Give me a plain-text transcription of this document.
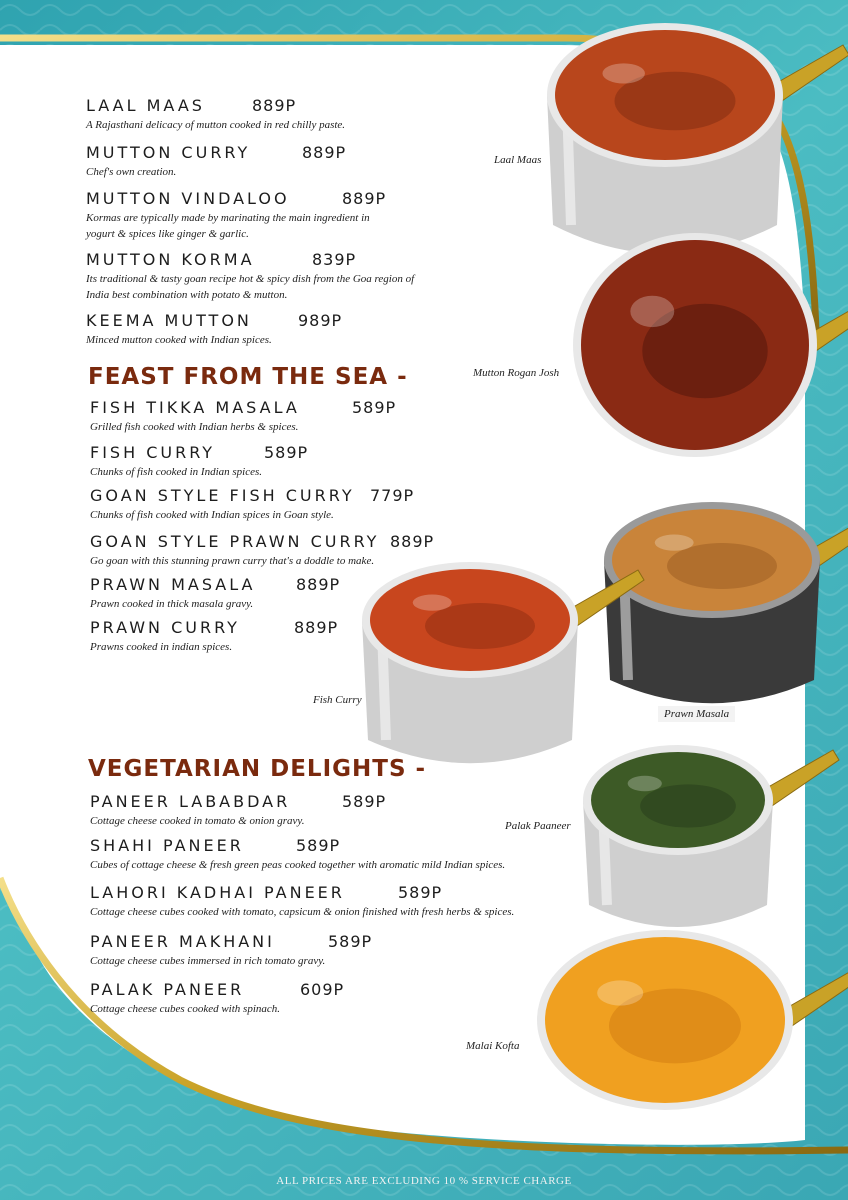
LAAL MAAS	889P
A Rajasthani delicacy of mutton cooked in red chilly paste.
MUTTON CURRY	889P
Chef's own creation.
MUTTON VINDALOO	889P
Kormas are typically made by marinating the main ingredient in
yogurt & spices like ginger & garlic.
MUTTON KORMA	839P
Its traditional & tasty goan recipe hot & spicy dish from the Goa region of
India best combination with potato & mutton.
KEEMA MUTTON	989P
Minced mutton cooked with Indian spices.
FEAST FROM THE SEA -
FISH TIKKA MASALA	589P
Grilled fish cooked with Indian herbs & spices.
FISH CURRY	589P
Chunks of fish cooked in Indian spices.
GOAN STYLE FISH CURRY 779P
Chunks of fish cooked with Indian spices in Goan style.
GOAN STYLE PRAWN CURRY 889P
Go goan with this stunning prawn curry that's a doddle to make.
PRAWN MASALA	889P
Prawn cooked in thick masala gravy.
PRAWN CURRY	889P
Prawns cooked in indian spices.
VEGETARIAN DELIGHTS -
PANEER LABABDAR	589P
Cottage cheese cooked in tomato & onion gravy.
SHAHI PANEER	589P
Cubes of cottage cheese & fresh green peas cooked together with aromatic mild Indian spices.
LAHORI KADHAI PANEER	589P
Cottage cheese cubes cooked with tomato, capsicum & onion finished with fresh herbs & spices.
PANEER MAKHANI	589P
Cottage cheese cubes immersed in rich tomato gravy.
PALAK PANEER	609P
Cottage cheese cubes cooked with spinach.
Laal Maas
Mutton Rogan Josh
Prawn Masala
Fish Curry
Palak Paaneer
Malai Kofta
ALL PRICES ARE EXCLUDING 10 % SERVICE CHARGE
